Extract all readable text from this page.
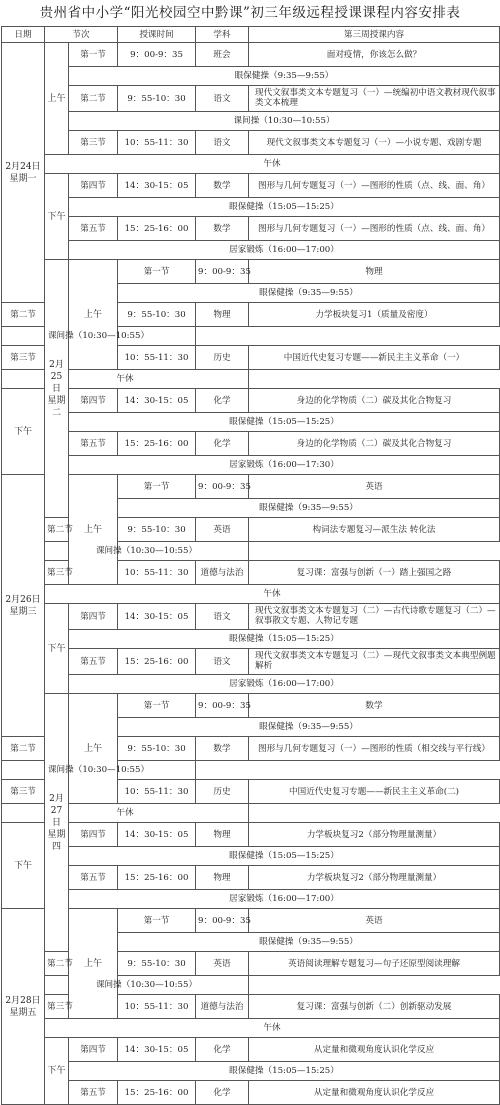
贵州省中小学“阳光校园空中黔课”初三年级远程授课课程内容安排表
日期	节次		授课时间	学科	第三周授课内容	
2月24日
星期一	上午	第一节	9：00-9：35	班会	面对疫情，你该怎么做？	
		眼保健操（9:35—9:55）				
		第二节	9：55-10：30	语文	现代文叙事类文本专题复习（一）—统编初中语文教材现代叙事类文本梳理	
		课间操（10:30—10:55）				
		第三节	10：55-11：30	语文	现代文叙事类文本专题复习（一）—小说专题、戏剧专题	
	午休					
	下午	第四节	14：30-15：05	数学	图形与几何专题复习（一）—图形的性质（点、线、面、角）	
		眼保健操（15:05—15:25）				
		第五节	15：25-16：00	数学	图形与几何专题复习（一）—图形的性质（点、线、面、角）	
		居家锻炼（16:00—17:00）				
	2月25日
星期二	上午	第一节	9：00-9：35	物理	
			眼保健操（9:35—9:55）			
第二节			9：55-10：30	物理	力学板块复习1（质量及密度）	
课间操（10:30—10:55）						
第三节			10：55-11：30	历史	中国近代史复习专题——新民主主义革命（一）	
午休						
下午		第四节	14：30-15：05	化学	身边的化学物质（二）碳及其化合物复习	
		眼保健操（15:05—15:25）				
		第五节	15：25-16：00	化学	身边的化学物质（二）碳及其化合物复习	
		居家锻炼（16:00—17:30）				
2月26日
星期三		上午	第一节	9：00-9：35	英语	
			眼保健操（9:35—9:55）			
	第二节		9：55-10：30	英语	构词法专题复习—派生法 转化法	
	课间操（10:30—10:55）					
	第三节		10：55-11：30	道德与法治	复习课：富强与创新（一）踏上强国之路	
	午休					
	下午	第四节	14：30-15：05	语文	现代文叙事类文本专题复习（二）—古代诗歌专题复习（二）—叙事散文专题、人物记专题	
		眼保健操（15:05—15:25）				
		第五节	15：25-16：00	语文	现代文叙事类文本专题复习（二）—现代文叙事类文本典型例题解析	
		居家锻炼（16:00—17:00）				
	2月27日
星期四	上午	第一节	9：00-9：35	数学	
			眼保健操（9:35—9:55）			
第二节			9：55-10：30	数学	图形与几何专题复习（一）—图形的性质（相交线与平行线）	
课间操（10:30—10:55）						
第三节			10：55-11：30	历史	中国近代史复习专题——新民主主义革命(二)	
午休						
下午		第四节	14：30-15：05	物理	力学板块复习2（部分物理量测量）	
		眼保健操（15:05—15:25）				
		第五节	15：25-16：00	物理	力学板块复习2（部分物理量测量）	
		居家锻炼（16:00—17:00）				
2月28日
星期五		上午	第一节	9：00-9：35	英语	
			眼保健操（9:35—9:55）			
	第二节		9：55-10：30	英语	英语阅读理解专题复习—句子还原型阅读理解	
	课间操（10:30—10:55）					
	第三节		10：55-11：30	道德与法治	复习课：富强与创新（二）创新驱动发展	
	午休					
	下午	第四节	14：30-15：05	化学	从定量和微观角度认识化学反应	
		眼保健操（15:05—15:25）				
		第五节	15：25-16：00	化学	从定量和微观角度认识化学反应	
